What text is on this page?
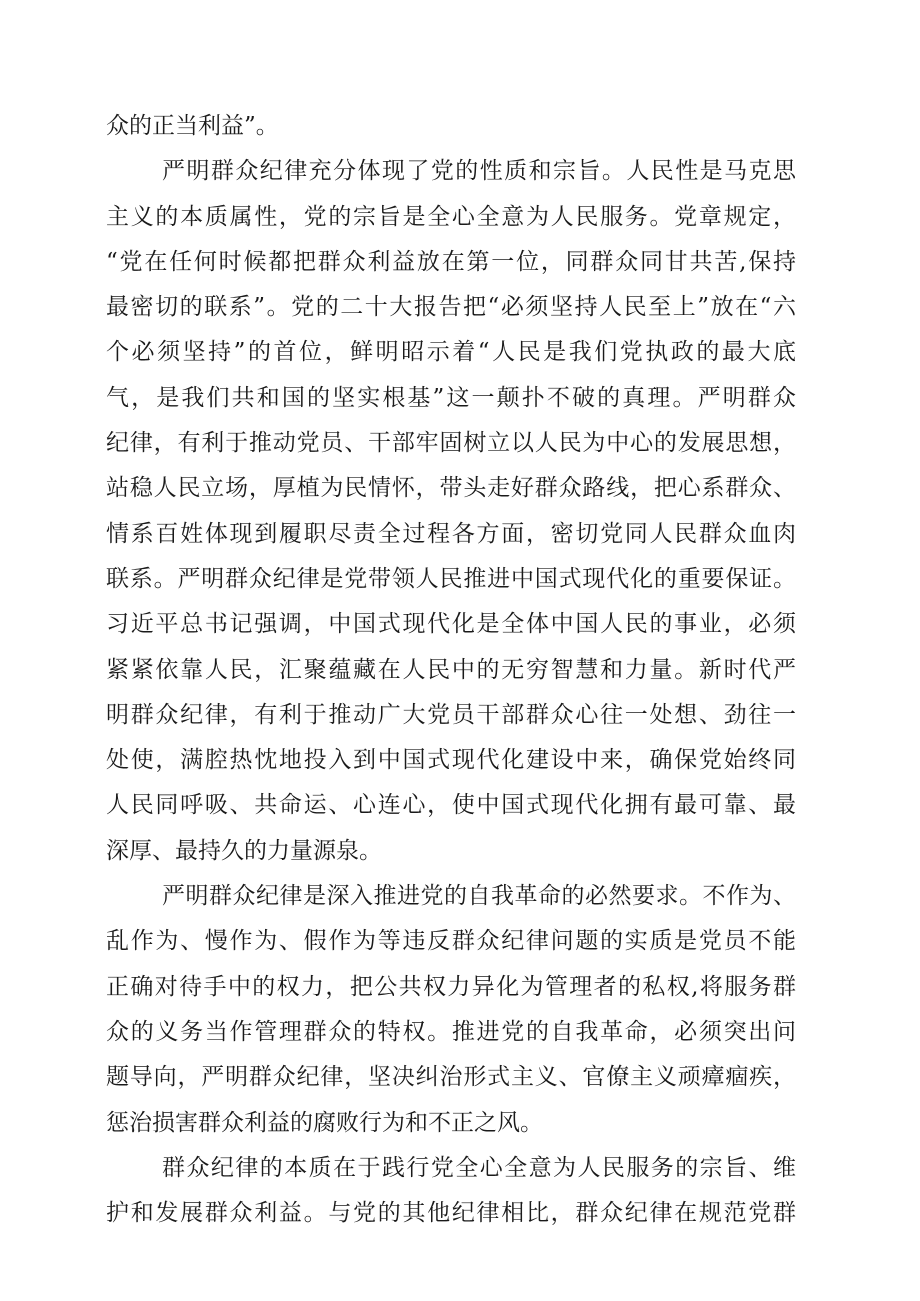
众的正当利益”。
严明群众纪律充分体现了党的性质和宗旨。人民性是马克思
主义的本质属性，党的宗旨是全心全意为人民服务。党章规定，
“党在任何时候都把群众利益放在第一位，同群众同甘共苦,保持
最密切的联系”。党的二十大报告把“必须坚持人民至上”放在“六
个必须坚持”的首位，鲜明昭示着“人民是我们党执政的最大底
气，是我们共和国的坚实根基”这一颠扑不破的真理。严明群众
纪律，有利于推动党员、干部牢固树立以人民为中心的发展思想，
站稳人民立场，厚植为民情怀，带头走好群众路线，把心系群众、
情系百姓体现到履职尽责全过程各方面，密切党同人民群众血肉
联系。严明群众纪律是党带领人民推进中国式现代化的重要保证。
习近平总书记强调，中国式现代化是全体中国人民的事业，必须
紧紧依靠人民，汇聚蕴藏在人民中的无穷智慧和力量。新时代严
明群众纪律，有利于推动广大党员干部群众心往一处想、劲往一
处使，满腔热忱地投入到中国式现代化建设中来，确保党始终同
人民同呼吸、共命运、心连心，使中国式现代化拥有最可靠、最
深厚、最持久的力量源泉。
严明群众纪律是深入推进党的自我革命的必然要求。不作为、
乱作为、慢作为、假作为等违反群众纪律问题的实质是党员不能
正确对待手中的权力，把公共权力异化为管理者的私权,将服务群
众的义务当作管理群众的特权。推进党的自我革命，必须突出问
题导向，严明群众纪律，坚决纠治形式主义、官僚主义顽瘴痼疾，
惩治损害群众利益的腐败行为和不正之风。
群众纪律的本质在于践行党全心全意为人民服务的宗旨、维
护和发展群众利益。与党的其他纪律相比，群众纪律在规范党群
